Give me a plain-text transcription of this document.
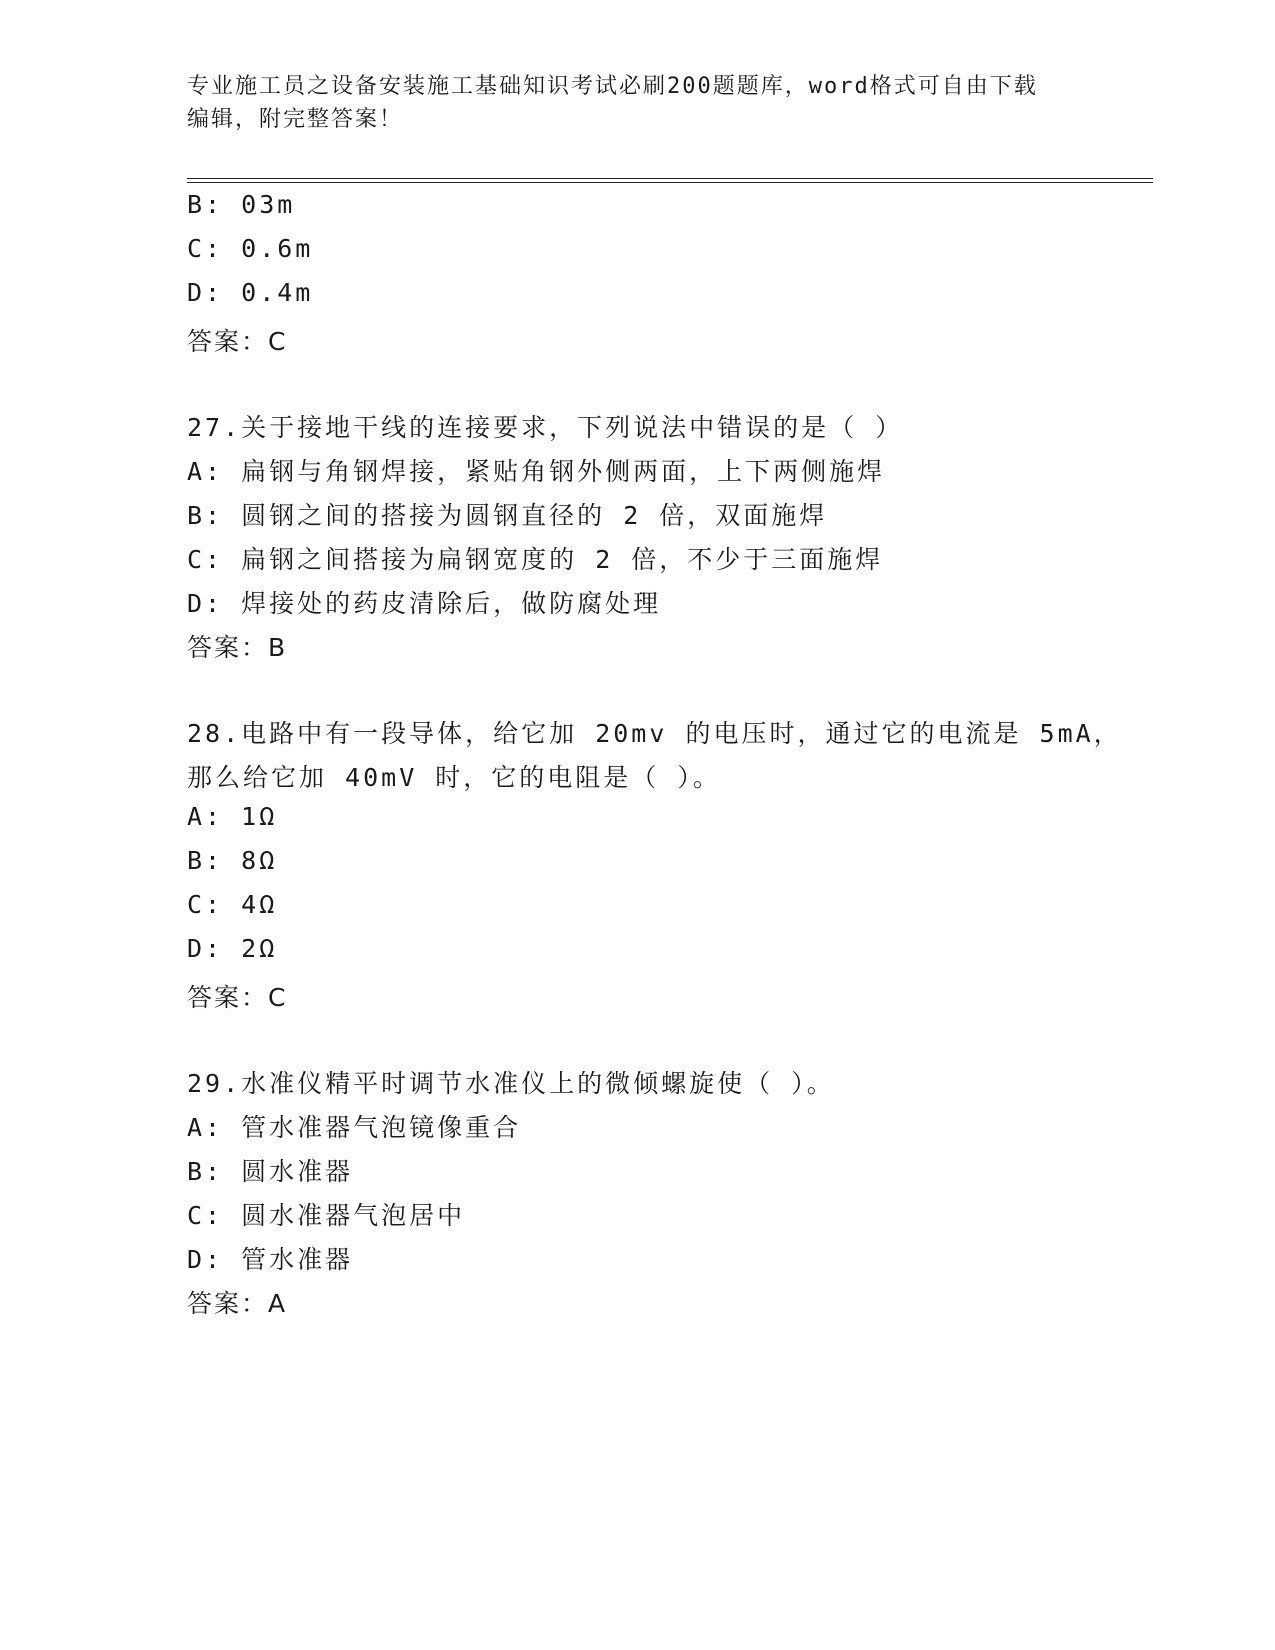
专业施工员之设备安装施工基础知识考试必刷200题题库，word格式可自由下载
编辑，附完整答案！
B: 03m
C: 0.6m
D: 0.4m
答案：C
27.关于接地干线的连接要求，下列说法中错误的是（ ）
A: 扁钢与角钢焊接，紧贴角钢外侧两面，上下两侧施焊
B: 圆钢之间的搭接为圆钢直径的 2 倍，双面施焊
C: 扁钢之间搭接为扁钢宽度的 2 倍，不少于三面施焊
D: 焊接处的药皮清除后，做防腐处理
答案：B
28.电路中有一段导体，给它加 20mv 的电压时，通过它的电流是 5mA，
那么给它加 40mV 时，它的电阻是（ ）。
A: 1Ω
B: 8Ω
C: 4Ω
D: 2Ω
答案：C
29.水准仪精平时调节水准仪上的微倾螺旋使（ ）。
A: 管水准器气泡镜像重合
B: 圆水准器
C: 圆水准器气泡居中
D: 管水准器
答案：A
